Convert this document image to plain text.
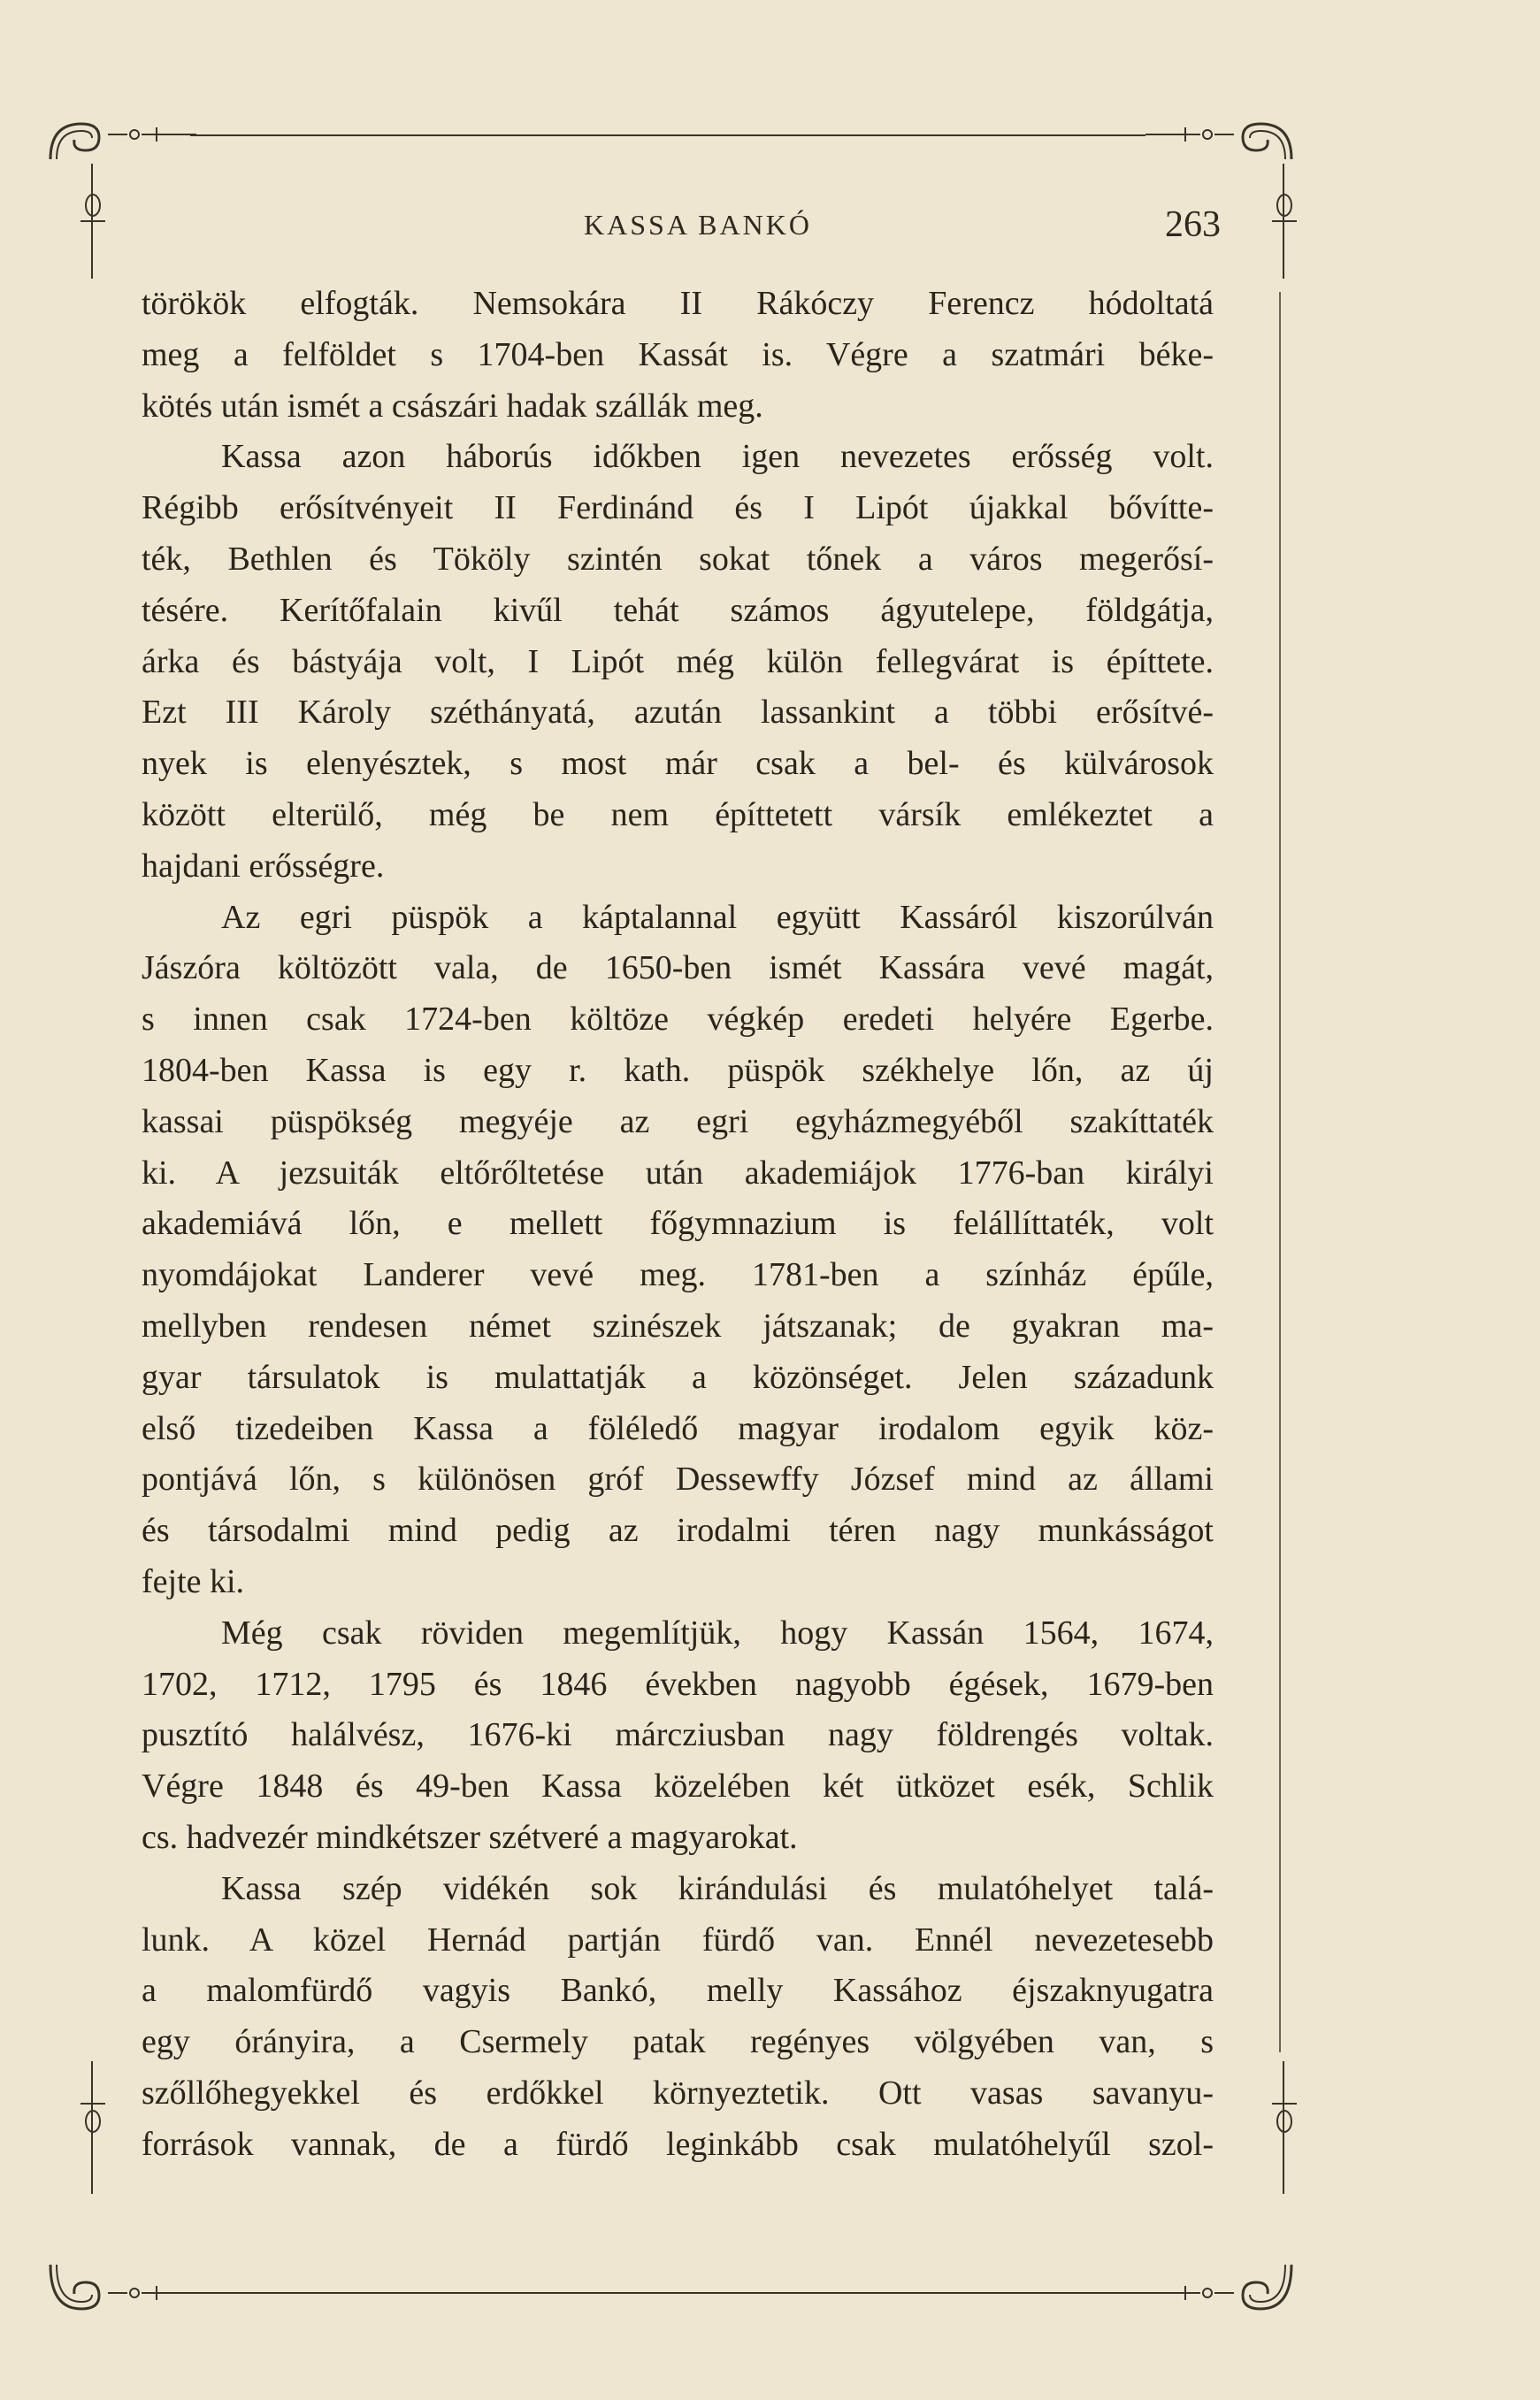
KASSA BANKÓ	263
törökök elfogták. Nemsokára II Rákóczy Ferencz hódoltatá
meg a felföldet s 1704-ben Kassát is. Végre a szatmári béke-
kötés után ismét a császári hadak szállák meg.
Kassa azon háborús időkben igen nevezetes erősség volt.
Régibb erősítvényeit II Ferdinánd és I Lipót újakkal bővítte-
ték, Bethlen és Tököly szintén sokat tőnek a város megerősí-
tésére. Kerítőfalain kivűl tehát számos ágyutelepe, földgátja,
árka és bástyája volt, I Lipót még külön fellegvárat is építtete.
Ezt III Károly széthányatá, azután lassankint a többi erősítvé-
nyek is elenyésztek, s most már csak a bel- és külvárosok
között elterülő, még be nem építtetett vársík emlékeztet a
hajdani erősségre.
Az egri püspök a káptalannal együtt Kassáról kiszorúlván
Jászóra költözött vala, de 1650-ben ismét Kassára vevé magát,
s innen csak 1724-ben költöze végkép eredeti helyére Egerbe.
1804-ben Kassa is egy r. kath. püspök székhelye lőn, az új
kassai püspökség megyéje az egri egyházmegyéből szakíttaték
ki. A jezsuiták eltőrőltetése után akademiájok 1776-ban királyi
akademiává lőn, e mellett főgymnazium is felállíttaték, volt
nyomdájokat Landerer vevé meg. 1781-ben a színház épűle,
mellyben rendesen német szinészek játszanak; de gyakran ma-
gyar társulatok is mulattatják a közönséget. Jelen századunk
első tizedeiben Kassa a föléledő magyar irodalom egyik köz-
pontjává lőn, s különösen gróf Dessewffy József mind az állami
és társodalmi mind pedig az irodalmi téren nagy munkásságot
fejte ki.
Még csak röviden megemlítjük, hogy Kassán 1564, 1674,
1702, 1712, 1795 és 1846 években nagyobb égések, 1679-ben
pusztító halálvész, 1676-ki márcziusban nagy földrengés voltak.
Végre 1848 és 49-ben Kassa közelében két ütközet esék, Schlik
cs. hadvezér mindkétszer szétveré a magyarokat.
Kassa szép vidékén sok kirándulási és mulatóhelyet talá-
lunk. A közel Hernád partján fürdő van. Ennél nevezetesebb
a malomfürdő vagyis Bankó, melly Kassához éjszaknyugatra
egy órányira, a Csermely patak regényes völgyében van, s
szőllőhegyekkel és erdőkkel környeztetik. Ott vasas savanyu-
források vannak, de a fürdő leginkább csak mulatóhelyűl szol-
